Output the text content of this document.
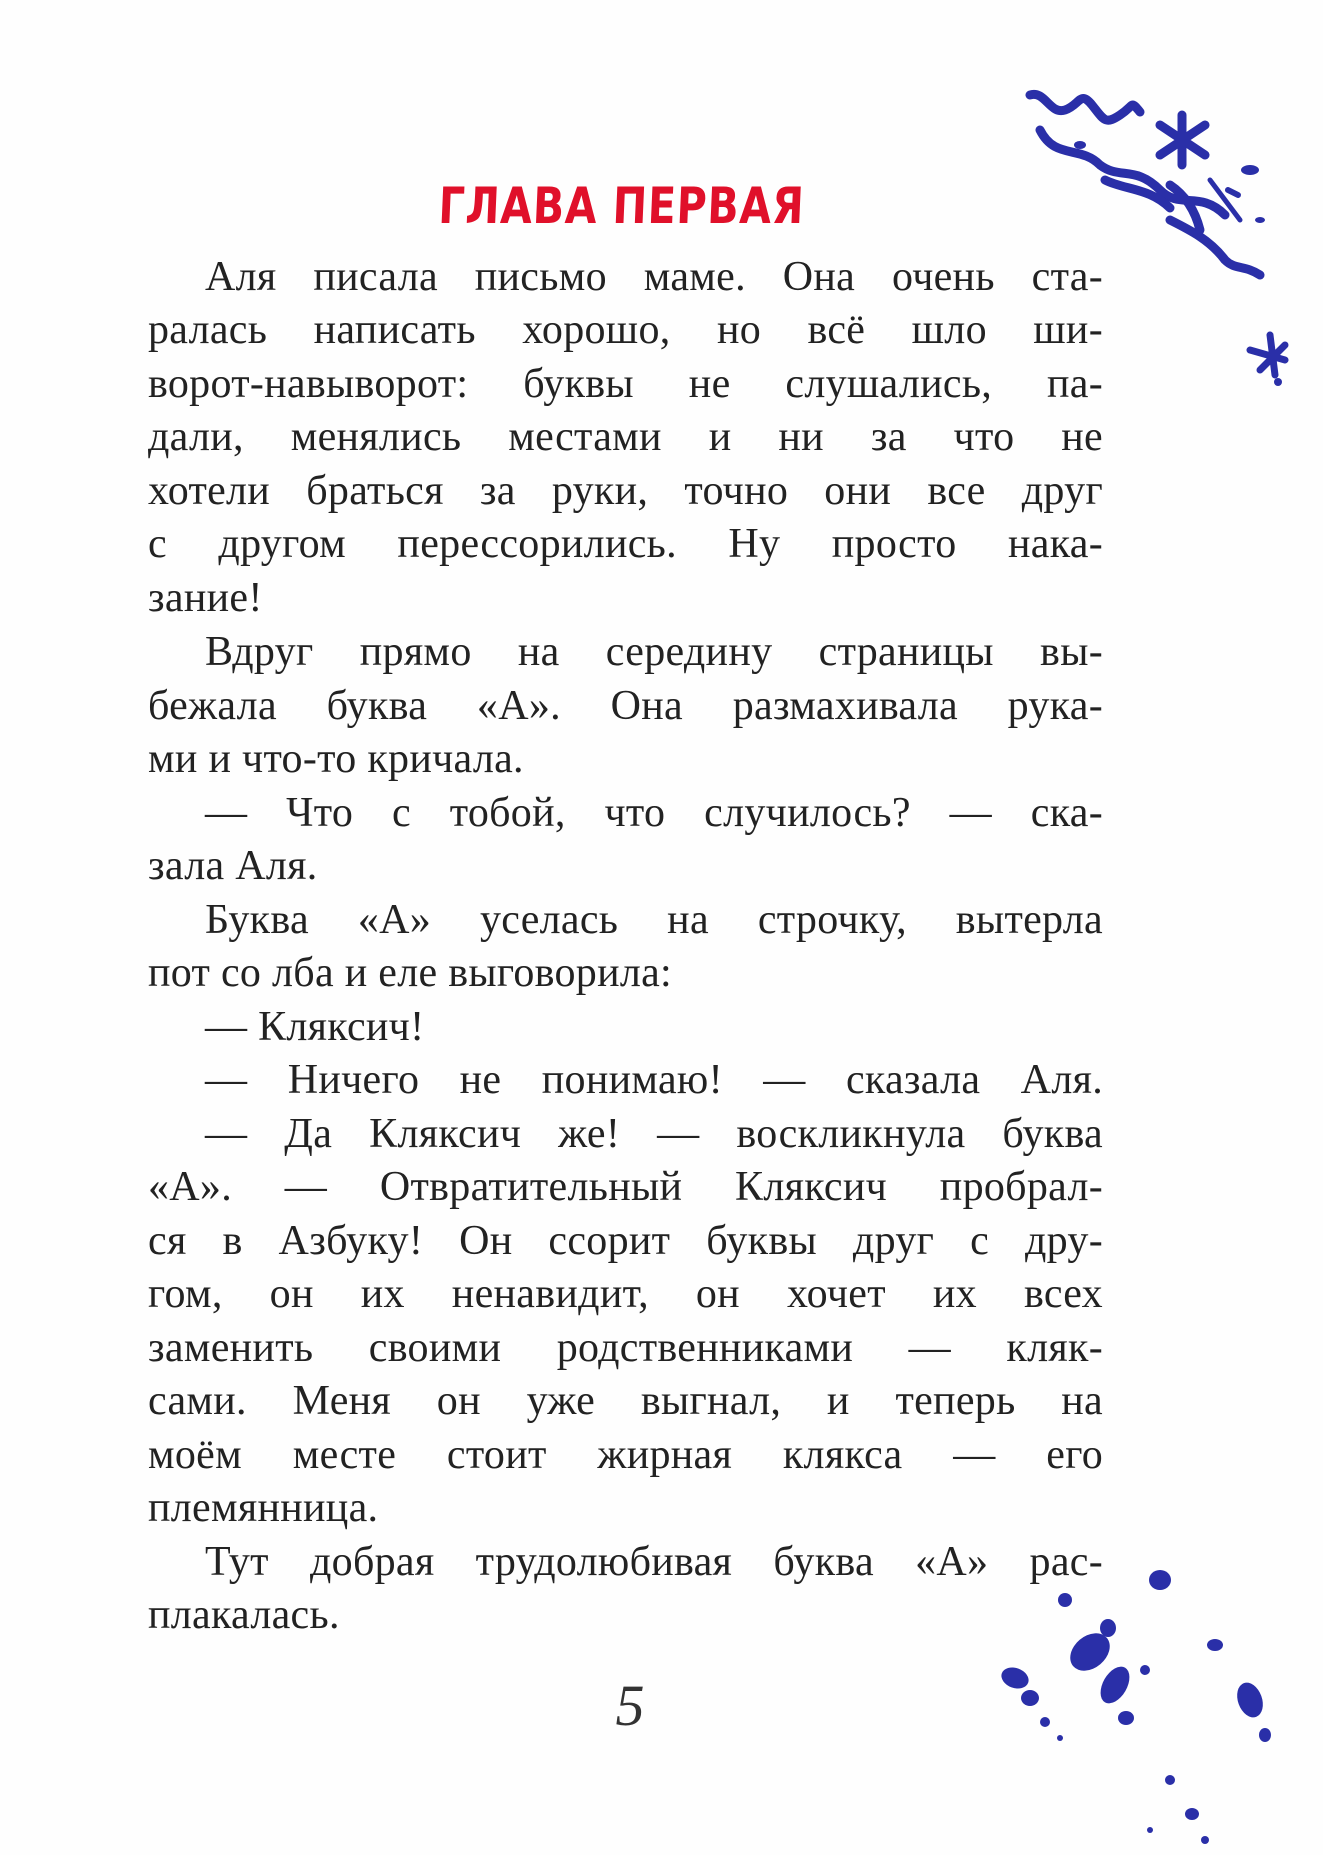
ГЛАВА ПЕРВАЯ
Аля писала письмо маме. Она очень ста-
ралась написать хорошо, но всё шло ши-
ворот-навыворот: буквы не слушались, па-
дали, менялись местами и ни за что не
хотели браться за руки, точно они все друг
с другом перессорились. Ну просто нака-
зание!
Вдруг прямо на середину страницы вы-
бежала буква «А». Она размахивала рука-
ми и что-то кричала.
— Что с тобой, что случилось? — ска-
зала Аля.
Буква «А» уселась на строчку, вытерла
пот со лба и еле выговорила:
— Кляксич!
— Ничего не понимаю! — сказала Аля.
— Да Кляксич же! — воскликнула буква
«А». — Отвратительный Кляксич пробрал-
ся в Азбуку! Он ссорит буквы друг с дру-
гом, он их ненавидит, он хочет их всех
заменить своими родственниками — кляк-
сами. Меня он уже выгнал, и теперь на
моём месте стоит жирная клякса — его
племянница.
Тут добрая трудолюбивая буква «А» рас-
плакалась.
5
